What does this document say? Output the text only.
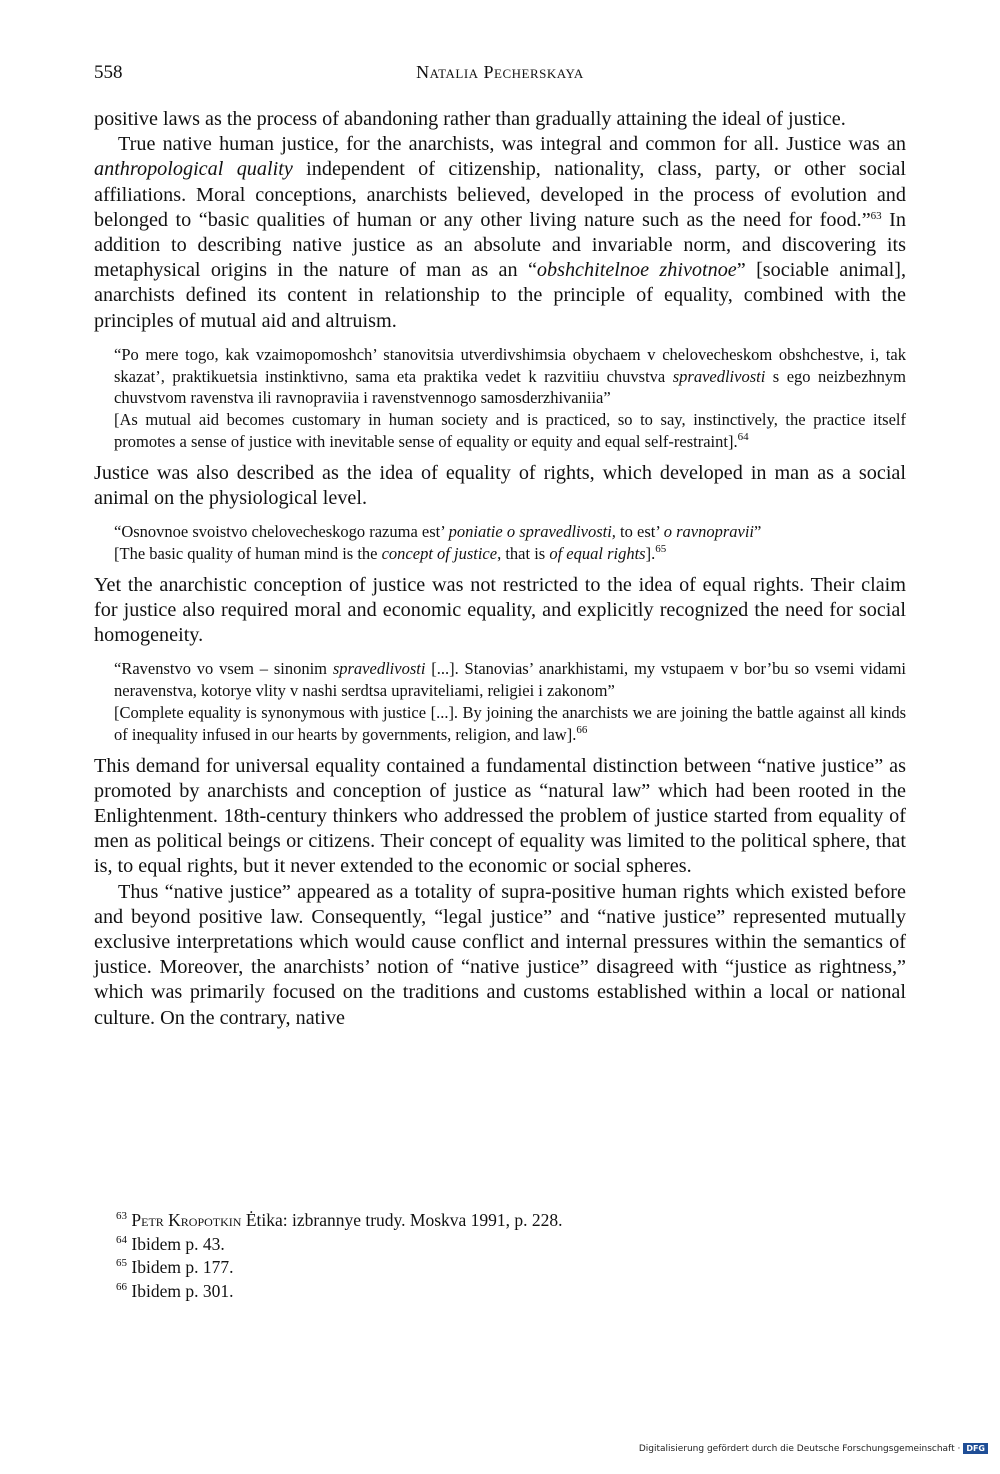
558	Natalia Pecherskaya

positive laws as the process of abandoning rather than gradually attaining the ideal of justice.

True native human justice, for the anarchists, was integral and common for all. Justice was an anthropological quality independent of citizenship, nationality, class, party, or other social affiliations. Moral conceptions, anarchists believed, developed in the process of evolution and belonged to “basic qualities of human or any other living nature such as the need for food.”$^{63}$ In addition to describing native justice as an absolute and invariable norm, and discovering its metaphysical origins in the nature of man as an “obshchitelnoe zhivotnoe” [sociable animal], anarchists defined its content in relationship to the principle of equality, combined with the principles of mutual aid and altruism.

“Po mere togo, kak vzaimopomoshch’ stanovitsia utverdivshimsia obychaem v chelovecheskom obshchestve, i, tak skazat’, praktikuetsia instinktivno, sama eta praktika vedet k razvitiiu chuvstva spravedlivosti s ego neizbezhnym chuvstvom ravenstva ili ravnopraviia i ravenstvennogo samosderzhivaniia”

[As mutual aid becomes customary in human society and is practiced, so to say, instinctively, the practice itself promotes a sense of justice with inevitable sense of equality or equity and equal self-restraint].$^{64}$

Justice was also described as the idea of equality of rights, which developed in man as a social animal on the physiological level.

“Osnovnoe svoistvo chelovecheskogo razuma est’ poniatie o spravedlivosti, to est’ o ravnopravii”

[The basic quality of human mind is the concept of justice, that is of equal rights].$^{65}$

Yet the anarchistic conception of justice was not restricted to the idea of equal rights. Their claim for justice also required moral and economic equality, and explicitly recognized the need for social homogeneity.

“Ravenstvo vo vsem – sinonim spravedlivosti [...]. Stanovias’ anarkhistami, my vstupaem v bor’bu so vsemi vidami neravenstva, kotorye vlity v nashi serdtsa upraviteliami, religiei i zakonom”

[Complete equality is synonymous with justice [...]. By joining the anarchists we are joining the battle against all kinds of inequality infused in our hearts by governments, religion, and law].$^{66}$

This demand for universal equality contained a fundamental distinction between “native justice” as promoted by anarchists and conception of justice as “natural law” which had been rooted in the Enlightenment. 18th-century thinkers who addressed the problem of justice started from equality of men as political beings or citizens. Their concept of equality was limited to the political sphere, that is, to equal rights, but it never extended to the economic or social spheres.

Thus “native justice” appeared as a totality of supra-positive human rights which existed before and beyond positive law. Consequently, “legal justice” and “native justice” represented mutually exclusive interpretations which would cause conflict and internal pressures within the semantics of justice. Moreover, the anarchists’ notion of “native justice” disagreed with “justice as rightness,” which was primarily focused on the traditions and customs established within a local or national culture. On the contrary, native

$^{63}$ Petr Kropotkin Ėtika: izbrannye trudy. Moskva 1991, p. 228.

$^{64}$ Ibidem p. 43.

$^{65}$ Ibidem p. 177.

$^{66}$ Ibidem p. 301.

Digitalisierung gefördert durch die Deutsche Forschungsgemeinschaft · DFG
